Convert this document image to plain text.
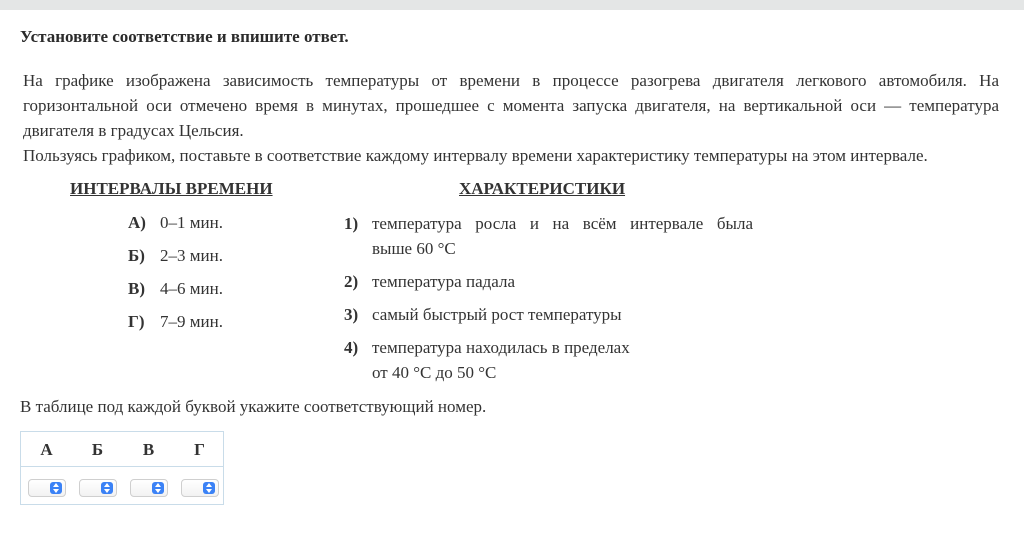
Установите соответствие и впишите ответ.

На графике изображена зависимость температуры от времени в процессе разогрева двигателя легкового автомобиля. На горизонтальной оси отмечено время в минутах, прошедшее с момента запуска двигателя, на вертикальной оси — температура двигателя в градусах Цельсия.

Пользуясь графиком, поставьте в соответствие каждому интервалу времени характеристику температуры на этом интервале.

ИНТЕРВАЛЫ ВРЕМЕНИ	ХАРАКТЕРИСТИКИ
А) 0–1 мин.
Б) 2–3 мин.
В) 4–6 мин.
Г) 7–9 мин.
1) температура росла и на всём интервале была
выше 60 °C
2) температура падала
3) самый быстрый рост температуры
4) температура находилась в пределах
от 40 °C до 50 °C
В таблице под каждой буквой укажите соответствующий номер.
А	Б	В	Г
